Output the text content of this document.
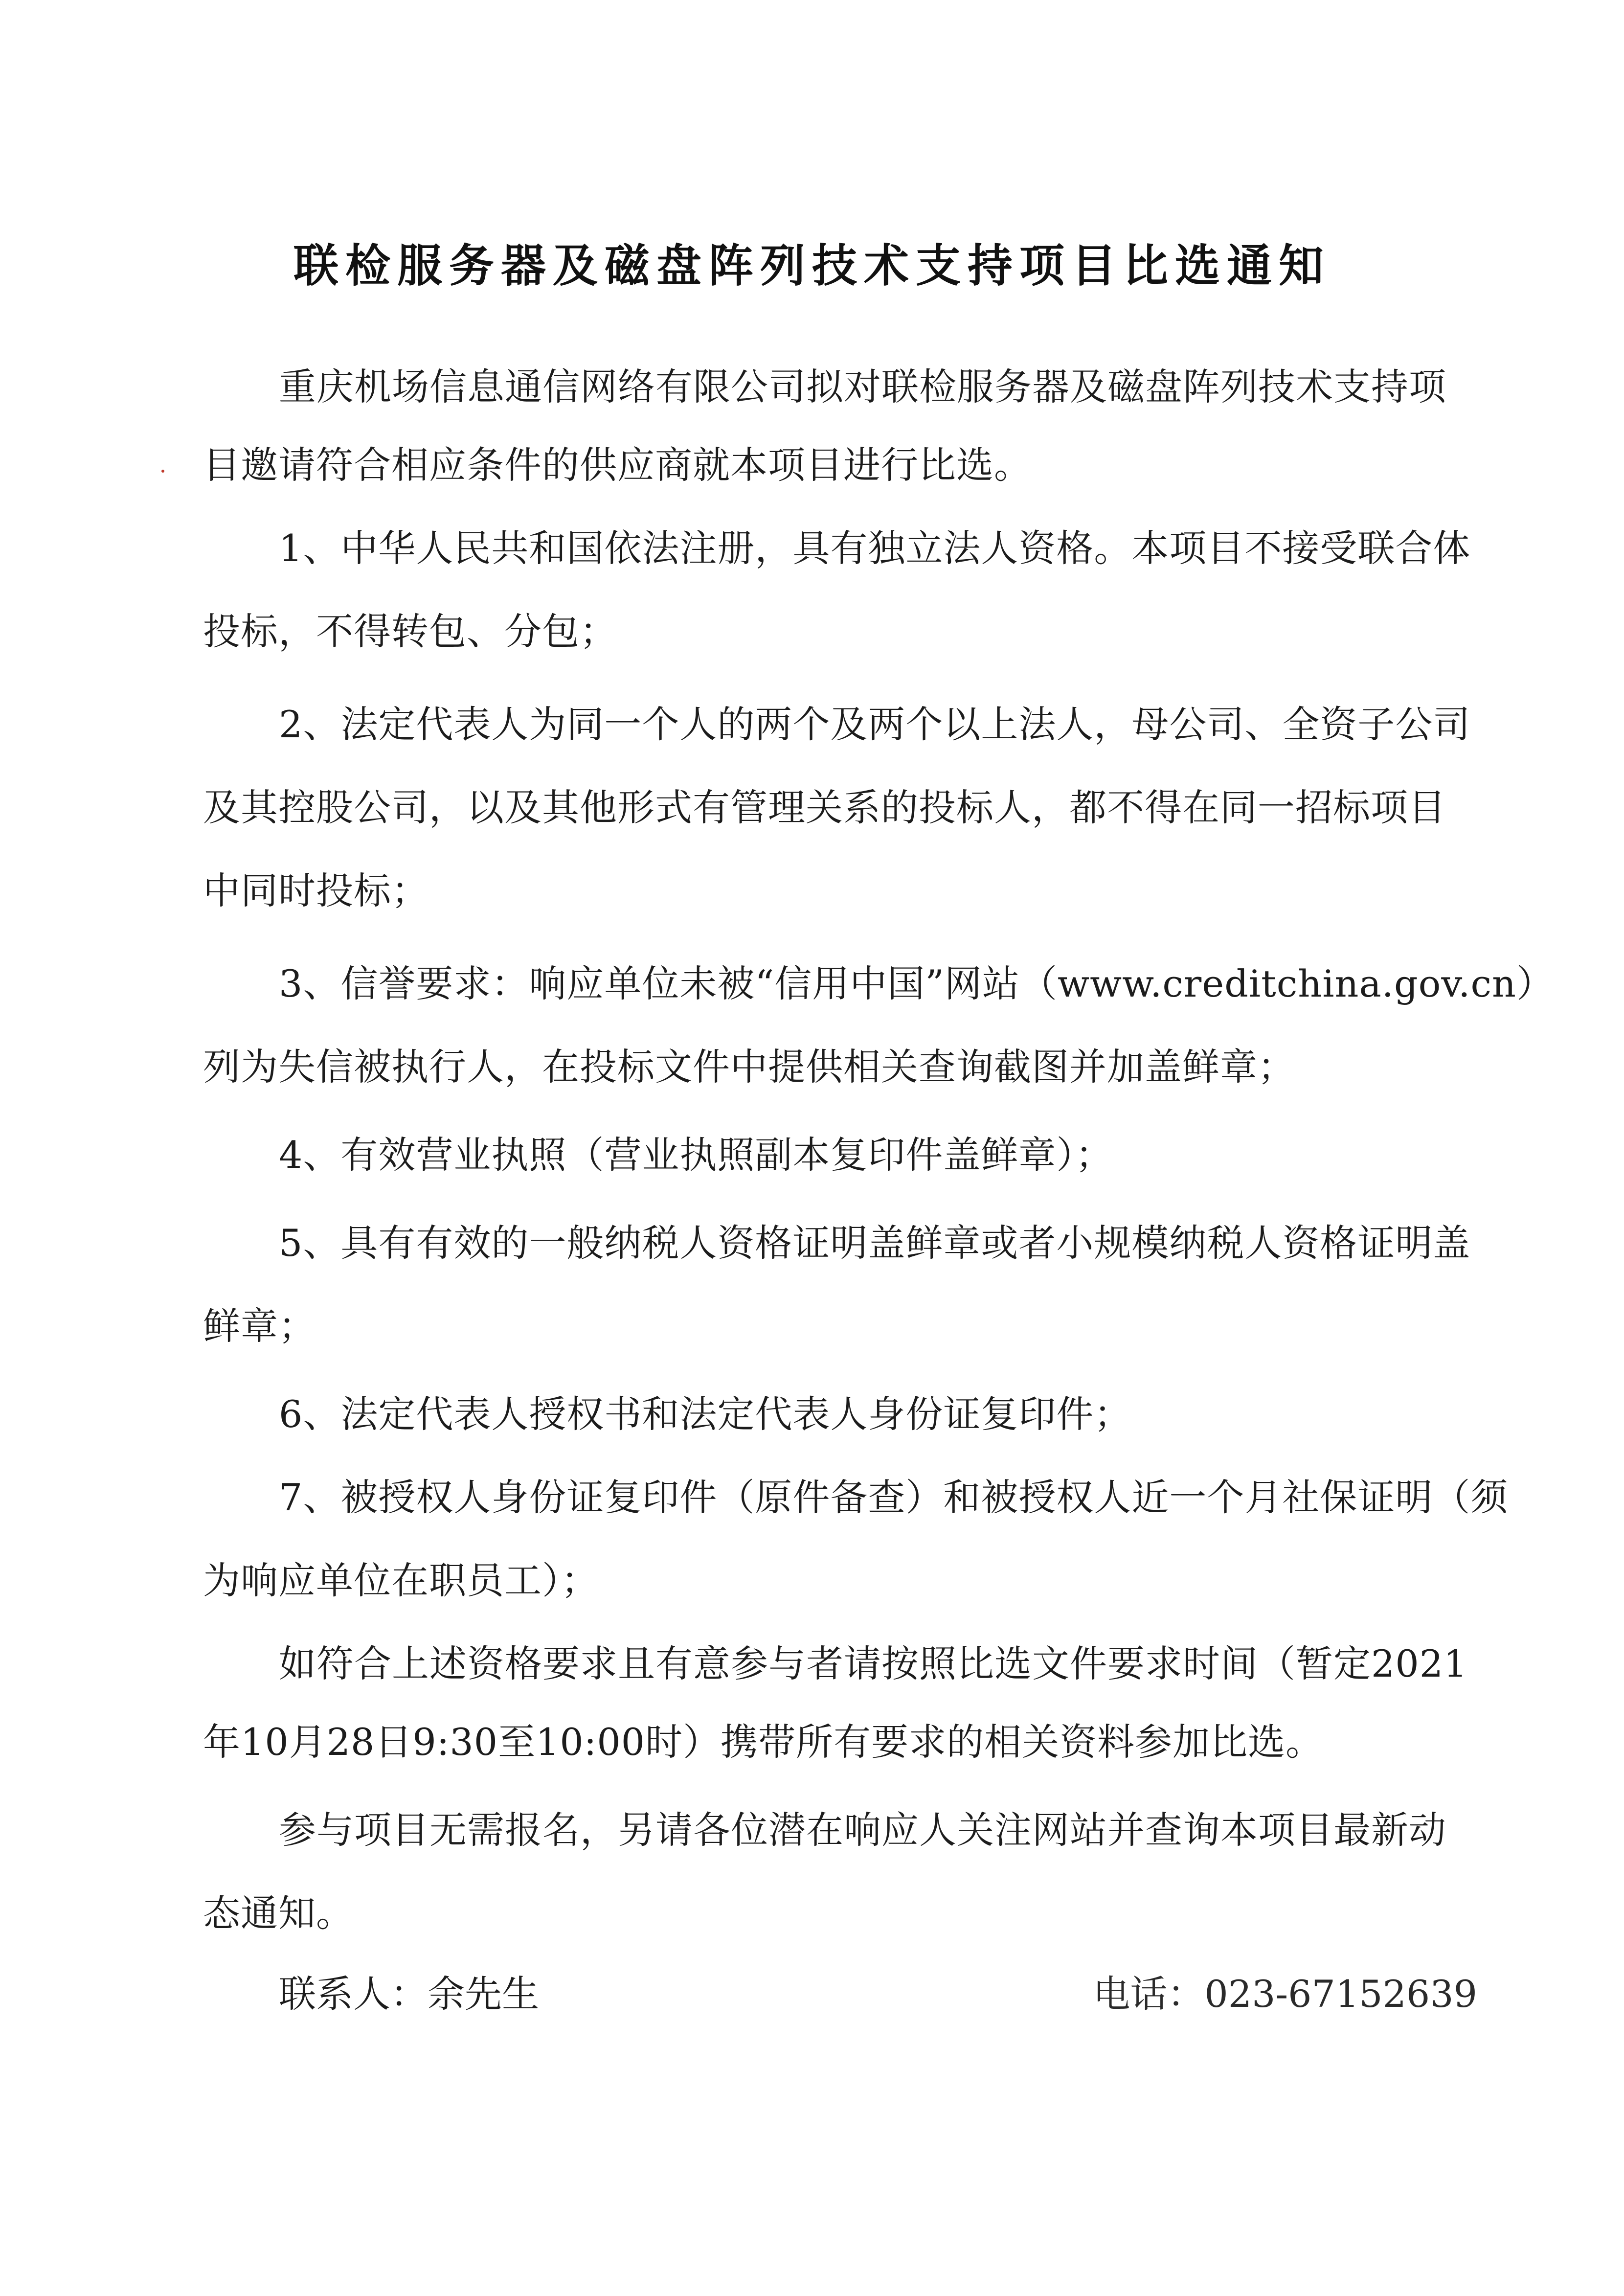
联检服务器及磁盘阵列技术支持项目比选通知
重庆机场信息通信网络有限公司拟对联检服务器及磁盘阵列技术支持项
目邀请符合相应条件的供应商就本项目进行比选。
1、中华人民共和国依法注册，具有独立法人资格。本项目不接受联合体
投标，不得转包、分包；
2、法定代表人为同一个人的两个及两个以上法人，母公司、全资子公司
及其控股公司，以及其他形式有管理关系的投标人，都不得在同一招标项目
中同时投标；
3、信誉要求：响应单位未被“信用中国”网站（www.creditchina.gov.cn）
列为失信被执行人，在投标文件中提供相关查询截图并加盖鲜章；
4、有效营业执照（营业执照副本复印件盖鲜章）；
5、具有有效的一般纳税人资格证明盖鲜章或者小规模纳税人资格证明盖
鲜章；
6、法定代表人授权书和法定代表人身份证复印件；
7、被授权人身份证复印件（原件备查）和被授权人近一个月社保证明（须
为响应单位在职员工）；
如符合上述资格要求且有意参与者请按照比选文件要求时间（暂定2021
年10月28日9:30至10:00时）携带所有要求的相关资料参加比选。
参与项目无需报名，另请各位潜在响应人关注网站并查询本项目最新动
态通知。
联系人：余先生	电话：023-67152639
